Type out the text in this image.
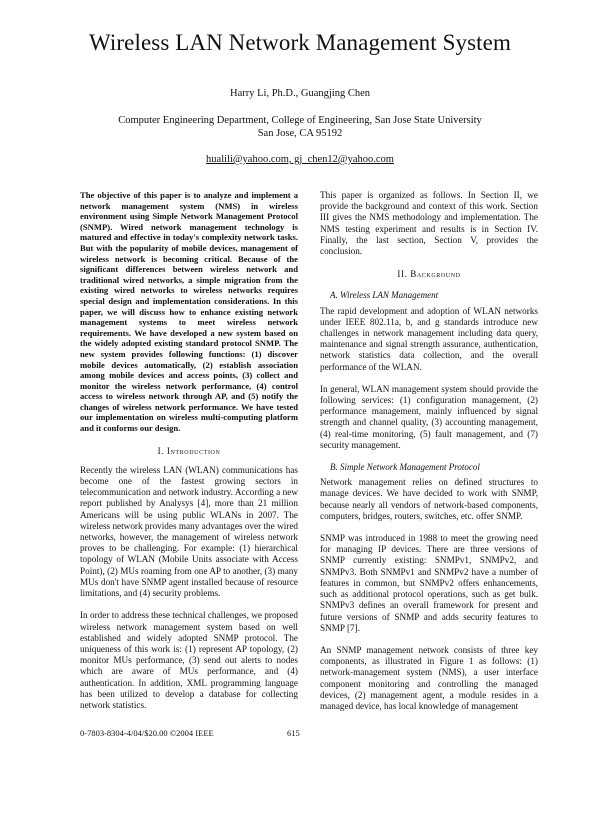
Wireless LAN Network Management System
Harry Li, Ph.D., Guangjing Chen
Computer Engineering Department, College of Engineering, San Jose State University
San Jose, CA 95192
hualili@yahoo.com, gj_chen12@yahoo.com

The objective of this paper is to analyze and implement a network management system (NMS) in wireless environment using Simple Network Management Protocol (SNMP). Wired network management technology is matured and effective in today's complexity network tasks. But with the popularity of mobile devices, management of wireless network is becoming critical. Because of the significant differences between wireless network and traditional wired networks, a simple migration from the existing wired networks to wireless networks requires special design and implementation considerations. In this paper, we will discuss how to enhance existing network management systems to meet wireless network requirements. We have developed a new system based on the widely adopted existing standard protocol SNMP. The new system provides following functions: (1) discover mobile devices automatically, (2) establish association among mobile devices and access points, (3) collect and monitor the wireless network performance, (4) control access to wireless network through AP, and (5) notify the changes of wireless network performance. We have tested our implementation on wireless multi-computing platform and it conforms our design.

I. Introduction

Recently the wireless LAN (WLAN) communications has become one of the fastest growing sectors in telecommunication and network industry. According a new report published by Analysys [4], more than 21 million Americans will be using public WLANs in 2007. The wireless network provides many advantages over the wired networks, however, the management of wireless network proves to be challenging. For example: (1) hierarchical topology of WLAN (Mobile Units associate with Access Point), (2) MUs roaming from one AP to another, (3) many MUs don't have SNMP agent installed because of resource limitations, and (4) security problems.

In order to address these technical challenges, we proposed wireless network management system based on well established and widely adopted SNMP protocol. The uniqueness of this work is: (1) represent AP topology, (2) monitor MUs performance, (3) send out alerts to nodes which are aware of MUs performance, and (4) authentication. In addition, XML programming language has been utilized to develop a database for collecting network statistics.

This paper is organized as follows. In Section II, we provide the background and context of this work. Section III gives the NMS methodology and implementation. The NMS testing experiment and results is in Section IV. Finally, the last section, Section V, provides the conclusion.

II. Background
A. Wireless LAN Management

The rapid development and adoption of WLAN networks under IEEE 802.11a, b, and g standards introduce new challenges in network management including data query, maintenance and signal strength assurance, authentication, network statistics data collection, and the overall performance of the WLAN.

In general, WLAN management system should provide the following services: (1) configuration management, (2) performance management, mainly influenced by signal strength and channel quality, (3) accounting management, (4) real-time monitoring, (5) fault management, and (7) security management.

B. Simple Network Management Protocol

Network management relies on defined structures to manage devices. We have decided to work with SNMP, because nearly all vendors of network-based components, computers, bridges, routers, switches, etc. offer SNMP.

SNMP was introduced in 1988 to meet the growing need for managing IP devices. There are three versions of SNMP currently existing: SNMPv1, SNMPv2, and SNMPv3. Both SNMPv1 and SNMPv2 have a number of features in common, but SNMPv2 offers enhancements, such as additional protocol operations, such as get bulk. SNMPv3 defines an overall framework for present and future versions of SNMP and adds security features to SNMP [7].

An SNMP management network consists of three key components, as illustrated in Figure 1 as follows: (1) network-management system (NMS), a user interface component monitoring and controlling the managed devices, (2) management agent, a module resides in a managed device, has local knowledge of management

0-7803-8304-4/04/$20.00 ©2004 IEEE	615
